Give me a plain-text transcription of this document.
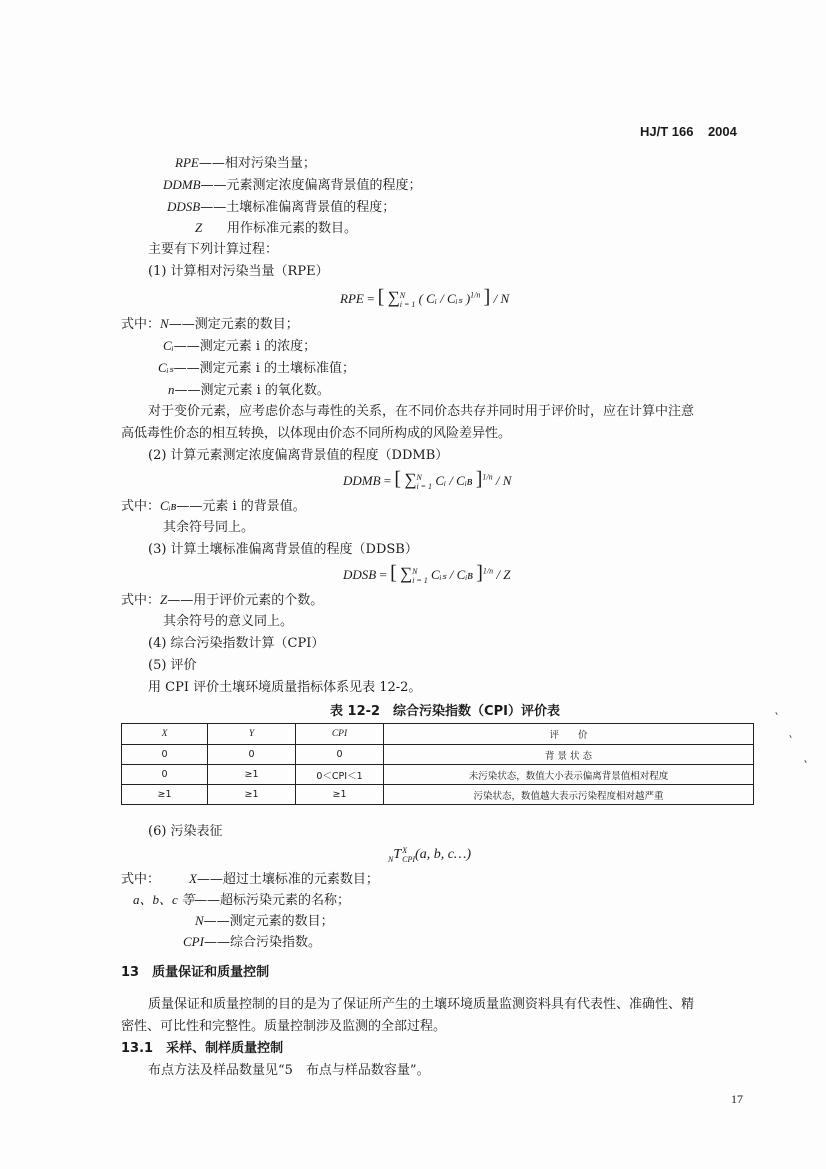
HJ/T 166 2004
RPE——相对污染当量；
DDMB——元素测定浓度偏离背景值的程度；
DDSB——土壤标准偏离背景值的程度；
Z 用作标准元素的数目。
主要有下列计算过程：
(1) 计算相对污染当量（RPE）
RPE = [ ∑N
i = 1 ( Cᵢ / Cᵢₛ )$^{1/n}$ ] / N
式中：N——测定元素的数目；
Cᵢ——测定元素 i 的浓度；
Cᵢₛ——测定元素 i 的土壤标准值；
n——测定元素 i 的氧化数。
对于变价元素，应考虑价态与毒性的关系，在不同价态共存并同时用于评价时，应在计算中注意
高低毒性价态的相互转换，以体现由价态不同所构成的风险差异性。
(2) 计算元素测定浓度偏离背景值的程度（DDMB）
DDMB = [ ∑N
i = 1 Cᵢ / Cᵢʙ ]$^{1/n}$ / N
式中：Cᵢʙ——元素 i 的背景值。
其余符号同上。
(3) 计算土壤标准偏离背景值的程度（DDSB）
DDSB = [ ∑N
i = 1 Cᵢₛ / Cᵢʙ ]$^{1/n}$ / Z
式中：Z——用于评价元素的个数。
其余符号的意义同上。
(4) 综合污染指数计算（CPI）
(5) 评价
用 CPI 评价土壤环境质量指标体系见表 12-2。
表 12-2　综合污染指数（CPI）评价表
X	Y	CPI	评　　价
0	0	0	背 景 状 态
0	≥1	0＜CPI＜1	未污染状态，数值大小表示偏离背景值相对程度
≥1	≥1	≥1	污染状态，数值越大表示污染程度相对越严重
(6) 污染表征
$_N$TX
CPI(a, b, c…)
式中： X——超过土壤标准的元素数目；
a、b、c 等——超标污染元素的名称；
N——测定元素的数目；
CPI——综合污染指数。
13　质量保证和质量控制
质量保证和质量控制的目的是为了保证所产生的土壤环境质量监测资料具有代表性、准确性、精
密性、可比性和完整性。质量控制涉及监测的全部过程。
13.1　采样、制样质量控制
布点方法及样品数量见“5　布点与样品数容量”。
17
